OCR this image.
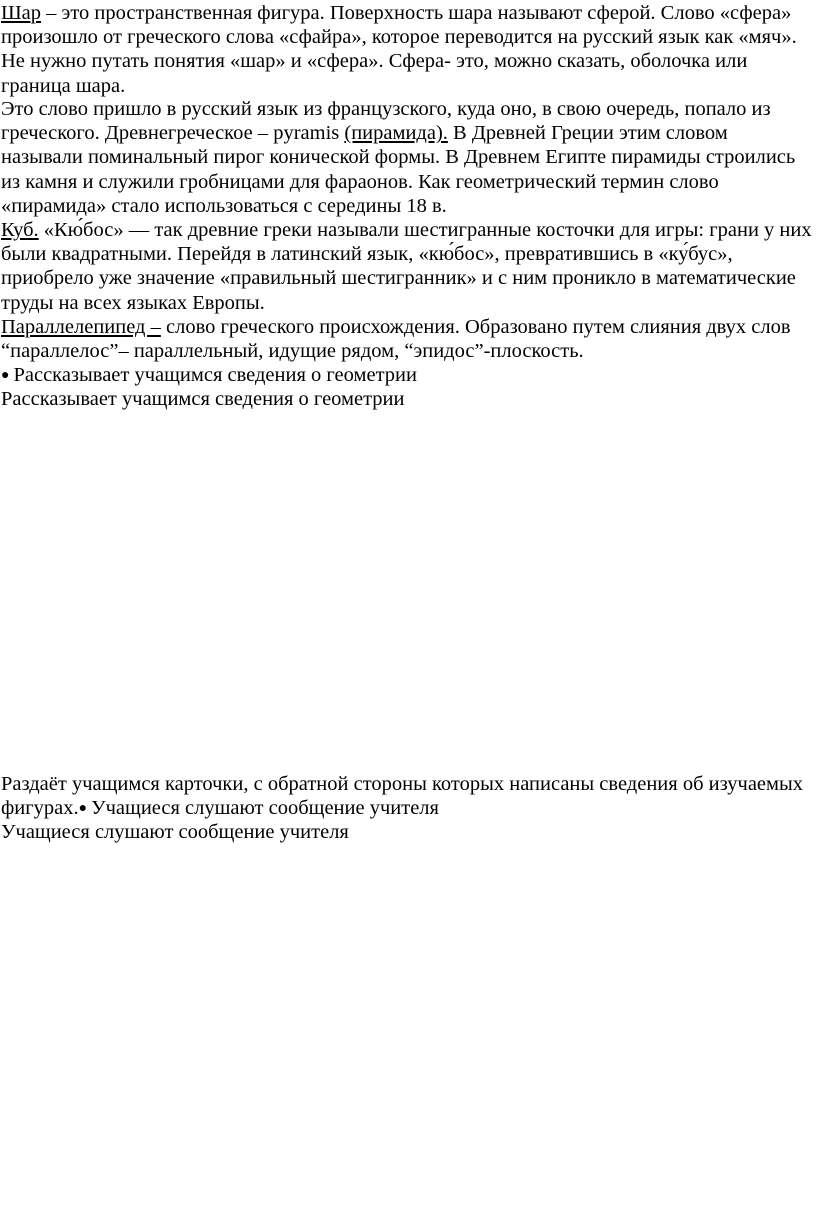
Шар – это пространственная фигура. Поверхность шара называют сферой. Слово «сфера» произошло от греческого слова «сфайра», которое переводится на русский язык как «мяч». Не нужно путать понятия «шар» и «сфера». Сфера- это, можно сказать, оболочка или граница шара.

Это слово пришло в русский язык из французского, куда оно, в свою очередь, попало из греческого. Древнегреческое – pyramis (пирамида). В Древней Греции этим словом называли поминальный пирог конической формы. В Древнем Египте пирамиды строились из камня и служили гробницами для фараонов. Как геометрический термин слово «пирамида» стало использоваться с середины 18 в.

Куб. «Кю́бос» — так древние греки называли шестигранные косточки для игры: грани у них были квадратными. Перейдя в латинский язык, «кю́бос», превратившись в «ку́бус», приобрело уже значение «правильный шестигранник» и с ним проникло в математические труды на всех языках Европы.

Параллелепипед – слово греческого происхождения. Образовано путем слияния двух слов “параллелос”– параллельный, идущие рядом, “эпидос”-плоскость.

● Рассказывает учащимся сведения о геометрии

Рассказывает учащимся сведения о геометрии

Раздаёт учащимся карточки, с обратной стороны которых написаны сведения об изучаемых фигурах.● Учащиеся слушают сообщение учителя

Учащиеся слушают сообщение учителя
